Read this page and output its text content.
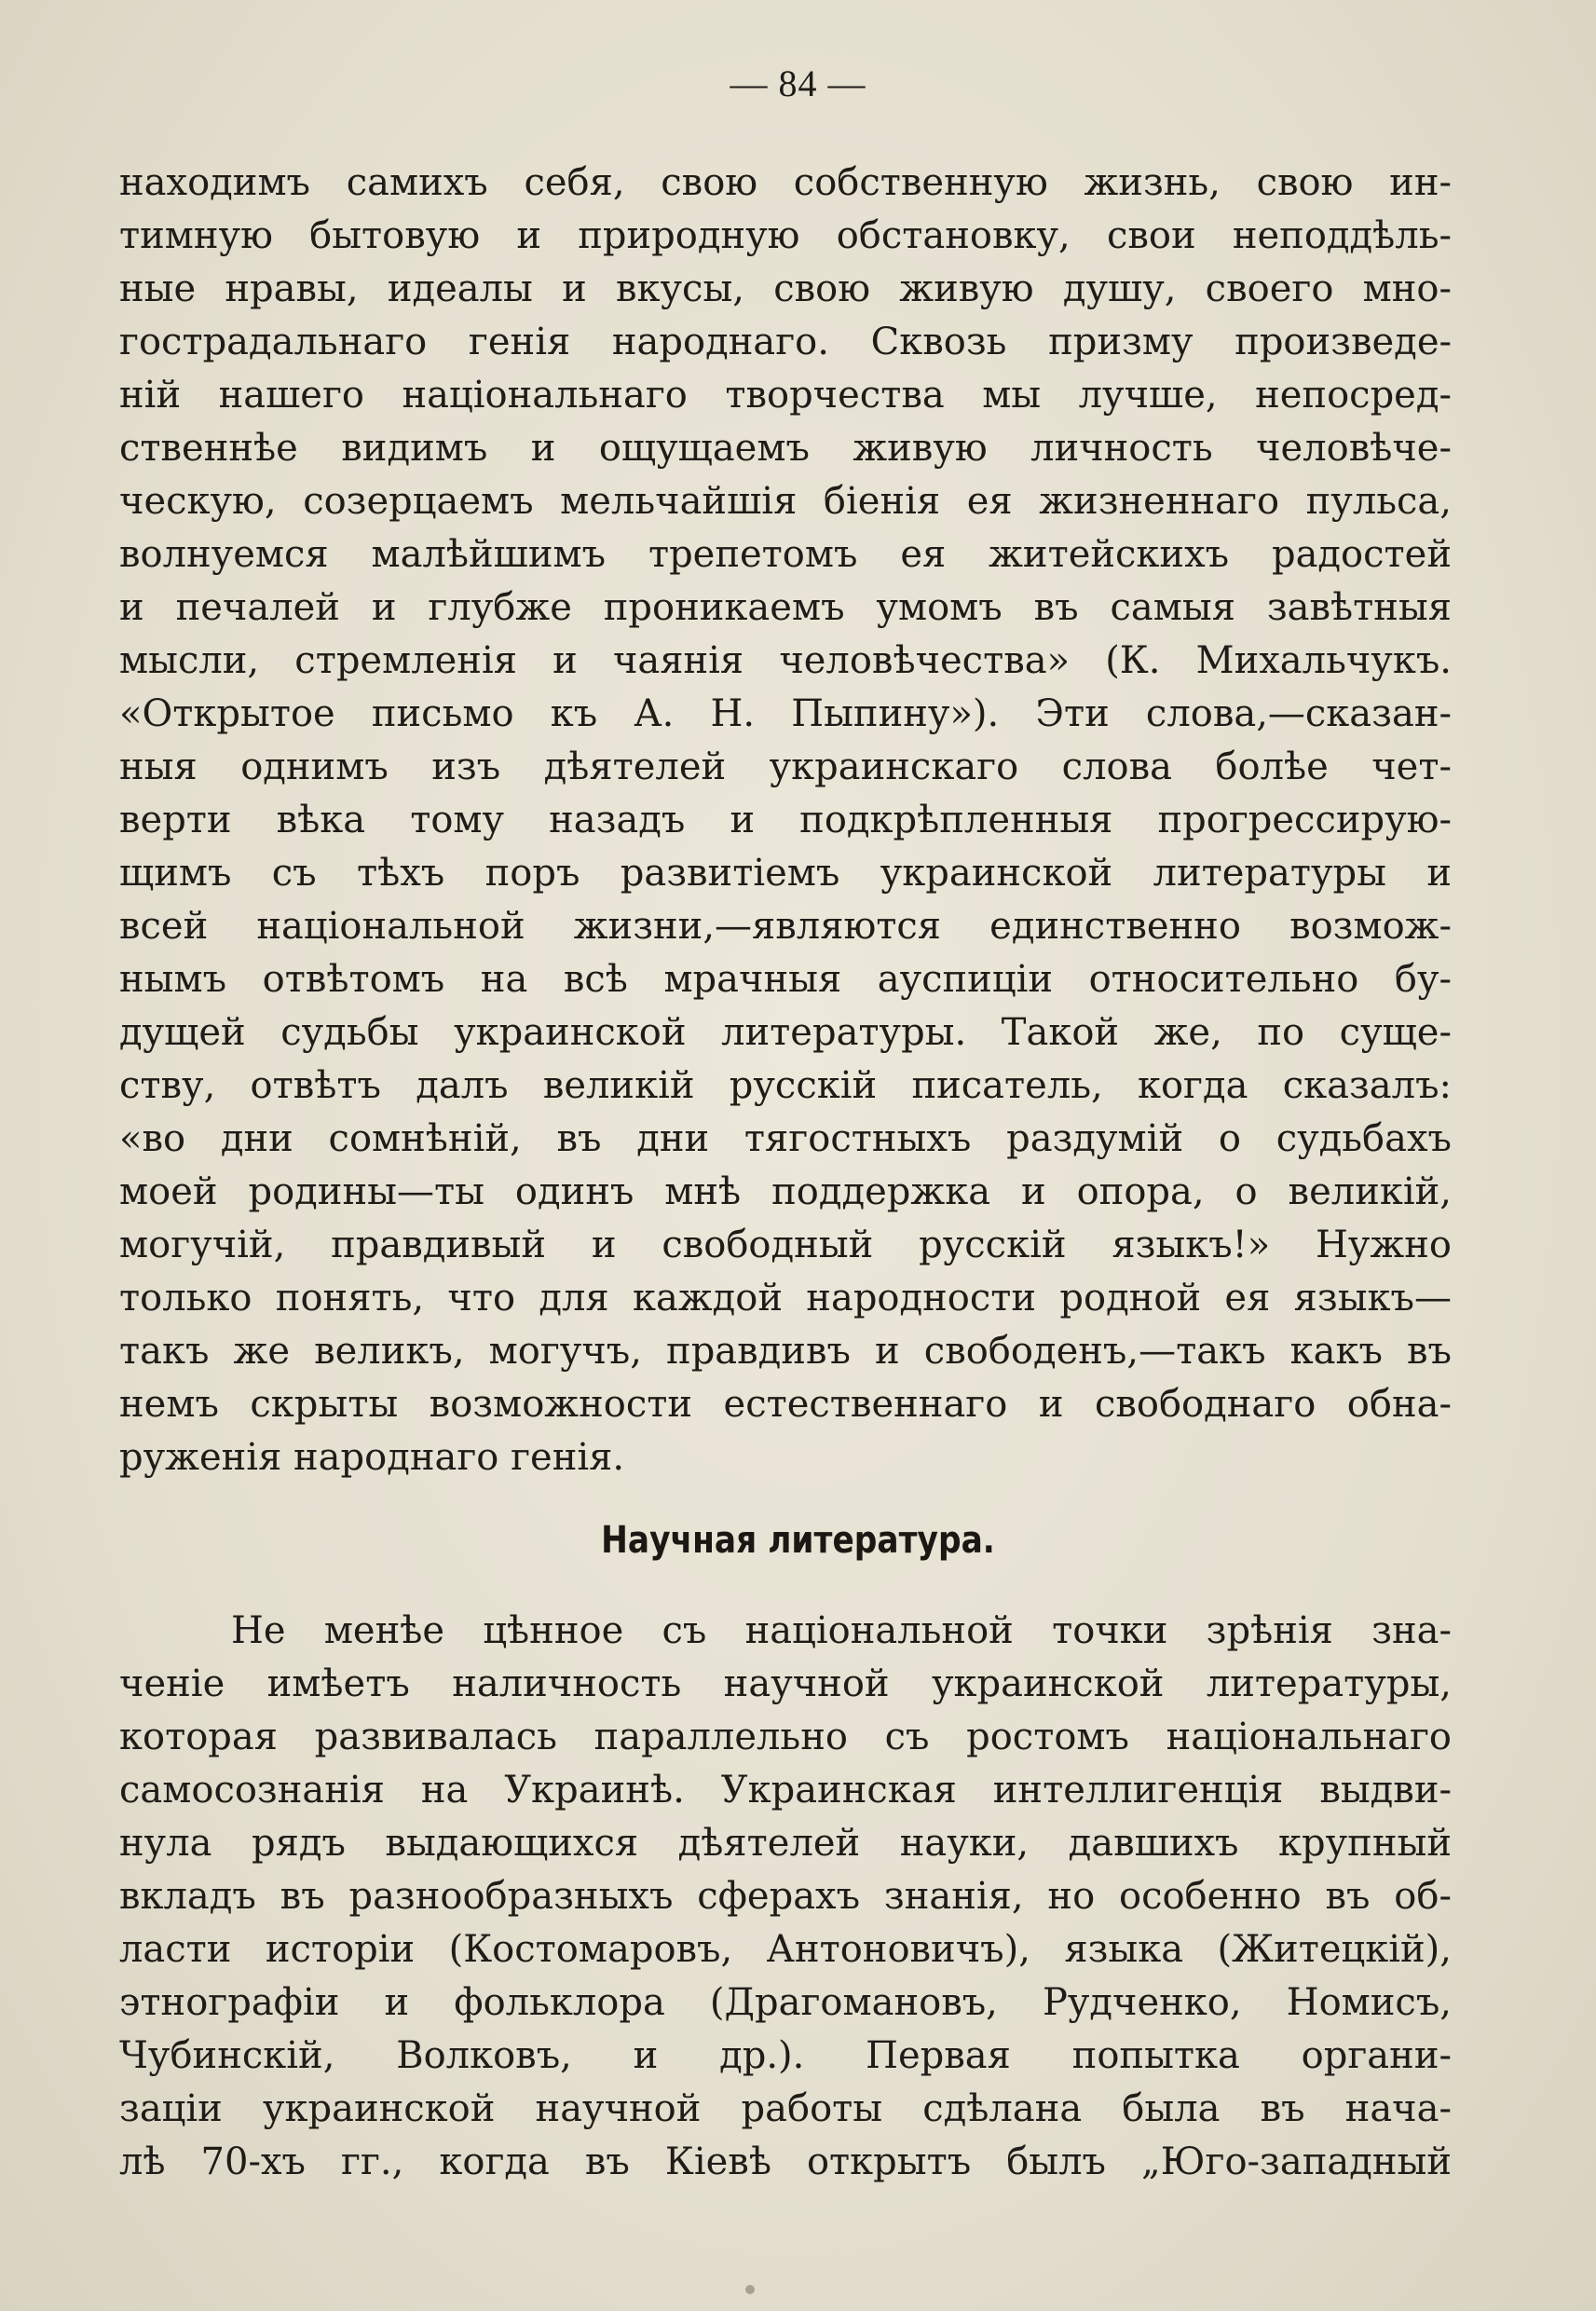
— 84 —
находимъ самихъ себя, свою собственную жизнь, свою ин-
тимную бытовую и природную обстановку, свои неподдѣль-
ные нравы, идеалы и вкусы, свою живую душу, своего мно-
гострадальнаго генія народнаго. Сквозь призму произведе-
ній нашего національнаго творчества мы лучше, непосред-
ственнѣе видимъ и ощущаемъ живую личность человѣче-
ческую, созерцаемъ мельчайшія біенія ея жизненнаго пульса,
волнуемся малѣйшимъ трепетомъ ея житейскихъ радостей
и печалей и глубже проникаемъ умомъ въ самыя завѣтныя
мысли, стремленія и чаянія человѣчества» (К. Михальчукъ.
«Открытое письмо къ А. Н. Пыпину»). Эти слова,—сказан-
ныя однимъ изъ дѣятелей украинскаго слова болѣе чет-
верти вѣка тому назадъ и подкрѣпленныя прогрессирую-
щимъ съ тѣхъ поръ развитіемъ украинской литературы и
всей національной жизни,—являются единственно возмож-
нымъ отвѣтомъ на всѣ мрачныя ауспиціи относительно бу-
дущей судьбы украинской литературы. Такой же, по суще-
ству, отвѣтъ далъ великій русскій писатель, когда сказалъ:
«во дни сомнѣній, въ дни тягостныхъ раздумій о судьбахъ
моей родины—ты одинъ мнѣ поддержка и опора, о великій,
могучій, правдивый и свободный русскій языкъ!» Нужно
только понять, что для каждой народности родной ея языкъ—
такъ же великъ, могучъ, правдивъ и свободенъ,—такъ какъ въ
немъ скрыты возможности естественнаго и свободнаго обна-
руженія народнаго генія.
Научная литература.
Не менѣе цѣнное съ національной точки зрѣнія зна-
ченіе имѣетъ наличность научной украинской литературы,
которая развивалась параллельно съ ростомъ національнаго
самосознанія на Украинѣ. Украинская интеллигенція выдви-
нула рядъ выдающихся дѣятелей науки, давшихъ крупный
вкладъ въ разнообразныхъ сферахъ знанія, но особенно въ об-
ласти исторіи (Костомаровъ, Антоновичъ), языка (Житецкій),
этнографіи и фольклора (Драгомановъ, Рудченко, Номисъ,
Чубинскій, Волковъ, и др.). Первая попытка органи-
заціи украинской научной работы сдѣлана была въ нача-
лѣ 70-хъ гг., когда въ Кіевѣ открытъ былъ „Юго-западный
